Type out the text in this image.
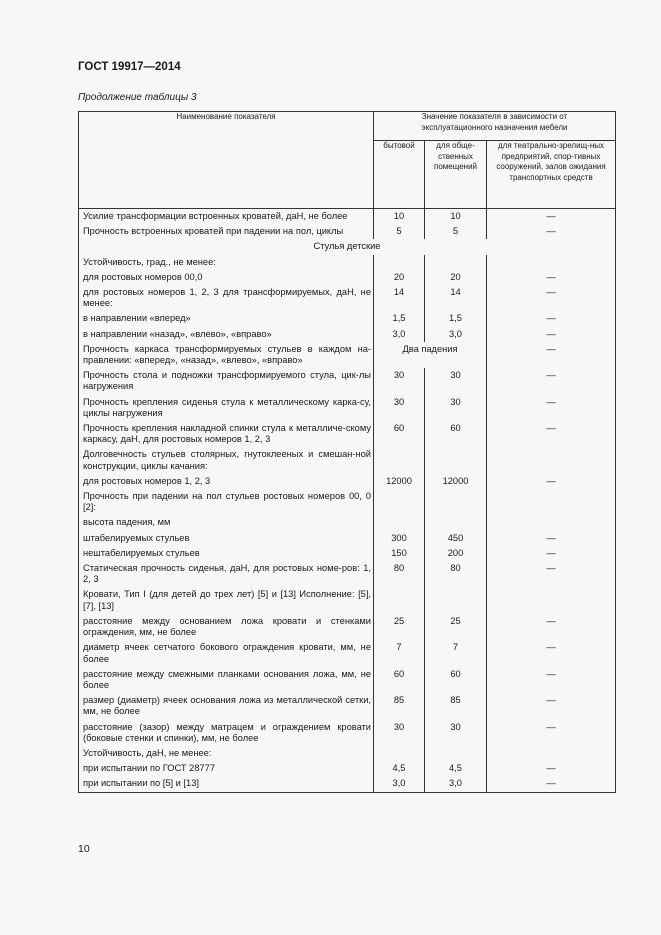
ГОСТ 19917—2014
Продолжение таблицы 3
Наименование показателя	Значение показателя в зависимости от эксплуатационного назначения мебели		
	бытовой	для обще-ственных помещений	для театрально-зрелищ-ных предприятий, спор-тивных сооружений, залов ожидания транспортных средств
Усилие трансформации встроенных кроватей, даН, не более	10	10	—
Прочность встроенных кроватей при падении на пол, циклы	5	5	—
Стулья детские			
Устойчивость, град., не менее:			
для ростовых номеров 00,0	20	20	—
для ростовых номеров 1, 2, 3 для трансформируемых, даН, не менее:	14	14	—
в направлении «вперед»	1,5	1,5	—
в направлении «назад», «влево», «вправо»	3,0	3,0	—
Прочность каркаса трансформируемых стульев в каждом на-правлении: «вперед», «назад», «влево», «вправо»	Два падения		—
Прочность стола и подножки трансформируемого стула, цик-лы нагружения	30	30	—
Прочность крепления сиденья стула к металлическому карка-су, циклы нагружения	30	30	—
Прочность крепления накладной спинки стула к металличе-скому каркасу, даН, для ростовых номеров 1, 2, 3	60	60	—
Долговечность стульев столярных, гнутоклееных и смешан-ной конструкции, циклы качания:			
для ростовых номеров 1, 2, 3	12000	12000	—
Прочность при падении на пол стульев ростовых номеров 00, 0 [2]:			
высота падения, мм			
штабелируемых стульев	300	450	—
нештабелируемых стульев	150	200	—
Статическая прочность сиденья, даН, для ростовых номе-ров: 1, 2, 3	80	80	—
Кровати, Тип I (для детей до трех лет) [5] и [13] Исполнение: [5], [7], [13]			
расстояние между основанием ложа кровати и стенками ограждения, мм, не более	25	25	—
диаметр ячеек сетчатого бокового ограждения кровати, мм, не более	7	7	—
расстояние между смежными планками основания ложа, мм, не более	60	60	—
размер (диаметр) ячеек основания ложа из металлической сетки, мм, не более	85	85	—
расстояние (зазор) между матрацем и ограждением кровати (боковые стенки и спинки), мм, не более	30	30	—
Устойчивость, даН, не менее:			
при испытании по ГОСТ 28777	4,5	4,5	—
при испытании по [5] и [13]	3,0	3,0	—
10
